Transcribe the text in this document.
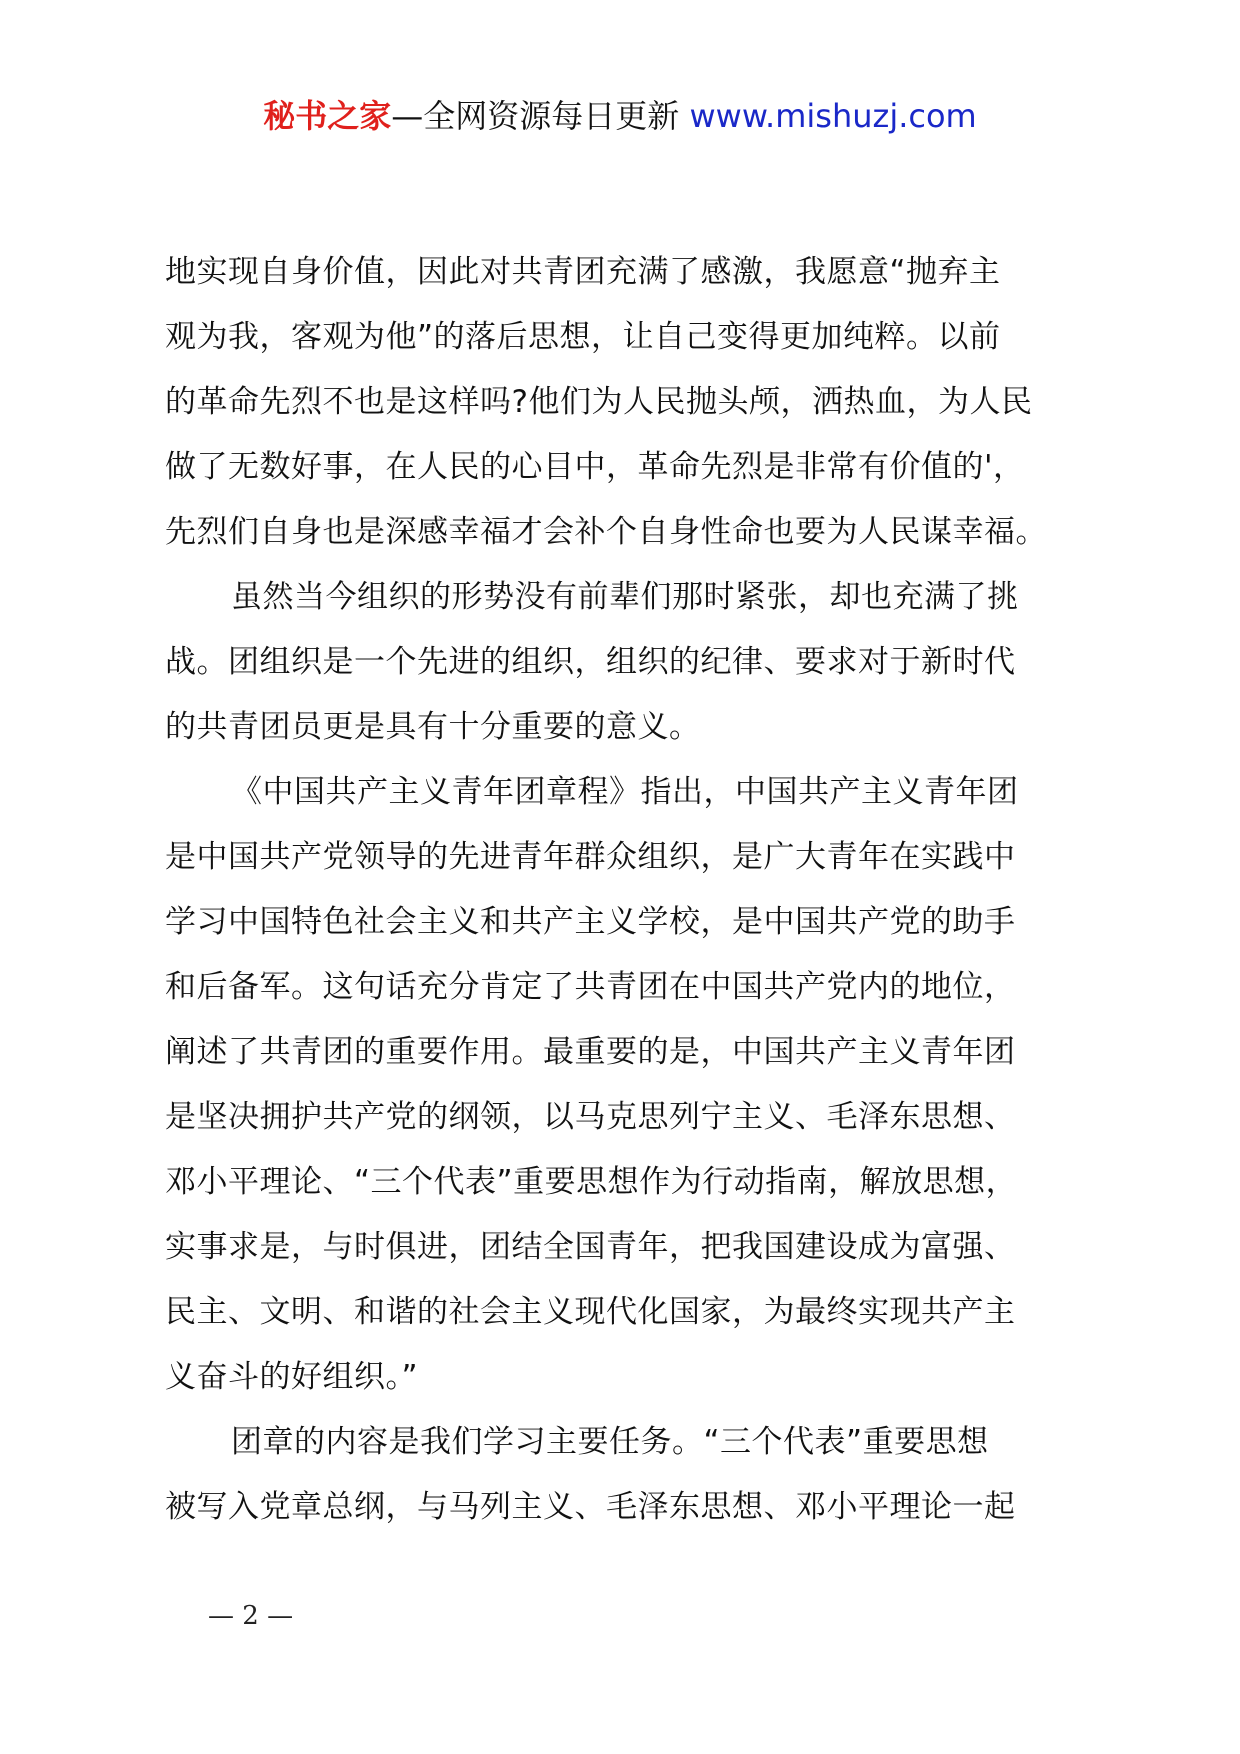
秘书之家—全网资源每日更新 www.mishuzj.com
地实现自身价值，因此对共青团充满了感激，我愿意“抛弃主
观为我，客观为他”的落后思想，让自己变得更加纯粹。以前
的革命先烈不也是这样吗?他们为人民抛头颅，洒热血，为人民
做了无数好事，在人民的心目中，革命先烈是非常有价值的'，
先烈们自身也是深感幸福才会补个自身性命也要为人民谋幸福。
虽然当今组织的形势没有前辈们那时紧张，却也充满了挑
战。团组织是一个先进的组织，组织的纪律、要求对于新时代
的共青团员更是具有十分重要的意义。
《中国共产主义青年团章程》指出，中国共产主义青年团
是中国共产党领导的先进青年群众组织，是广大青年在实践中
学习中国特色社会主义和共产主义学校，是中国共产党的助手
和后备军。这句话充分肯定了共青团在中国共产党内的地位，
阐述了共青团的重要作用。最重要的是，中国共产主义青年团
是坚决拥护共产党的纲领，以马克思列宁主义、毛泽东思想、
邓小平理论、“三个代表”重要思想作为行动指南，解放思想，
实事求是，与时俱进，团结全国青年，把我国建设成为富强、
民主、文明、和谐的社会主义现代化国家，为最终实现共产主
义奋斗的好组织。”
团章的内容是我们学习主要任务。“三个代表”重要思想
被写入党章总纲，与马列主义、毛泽东思想、邓小平理论一起
— 2 —
